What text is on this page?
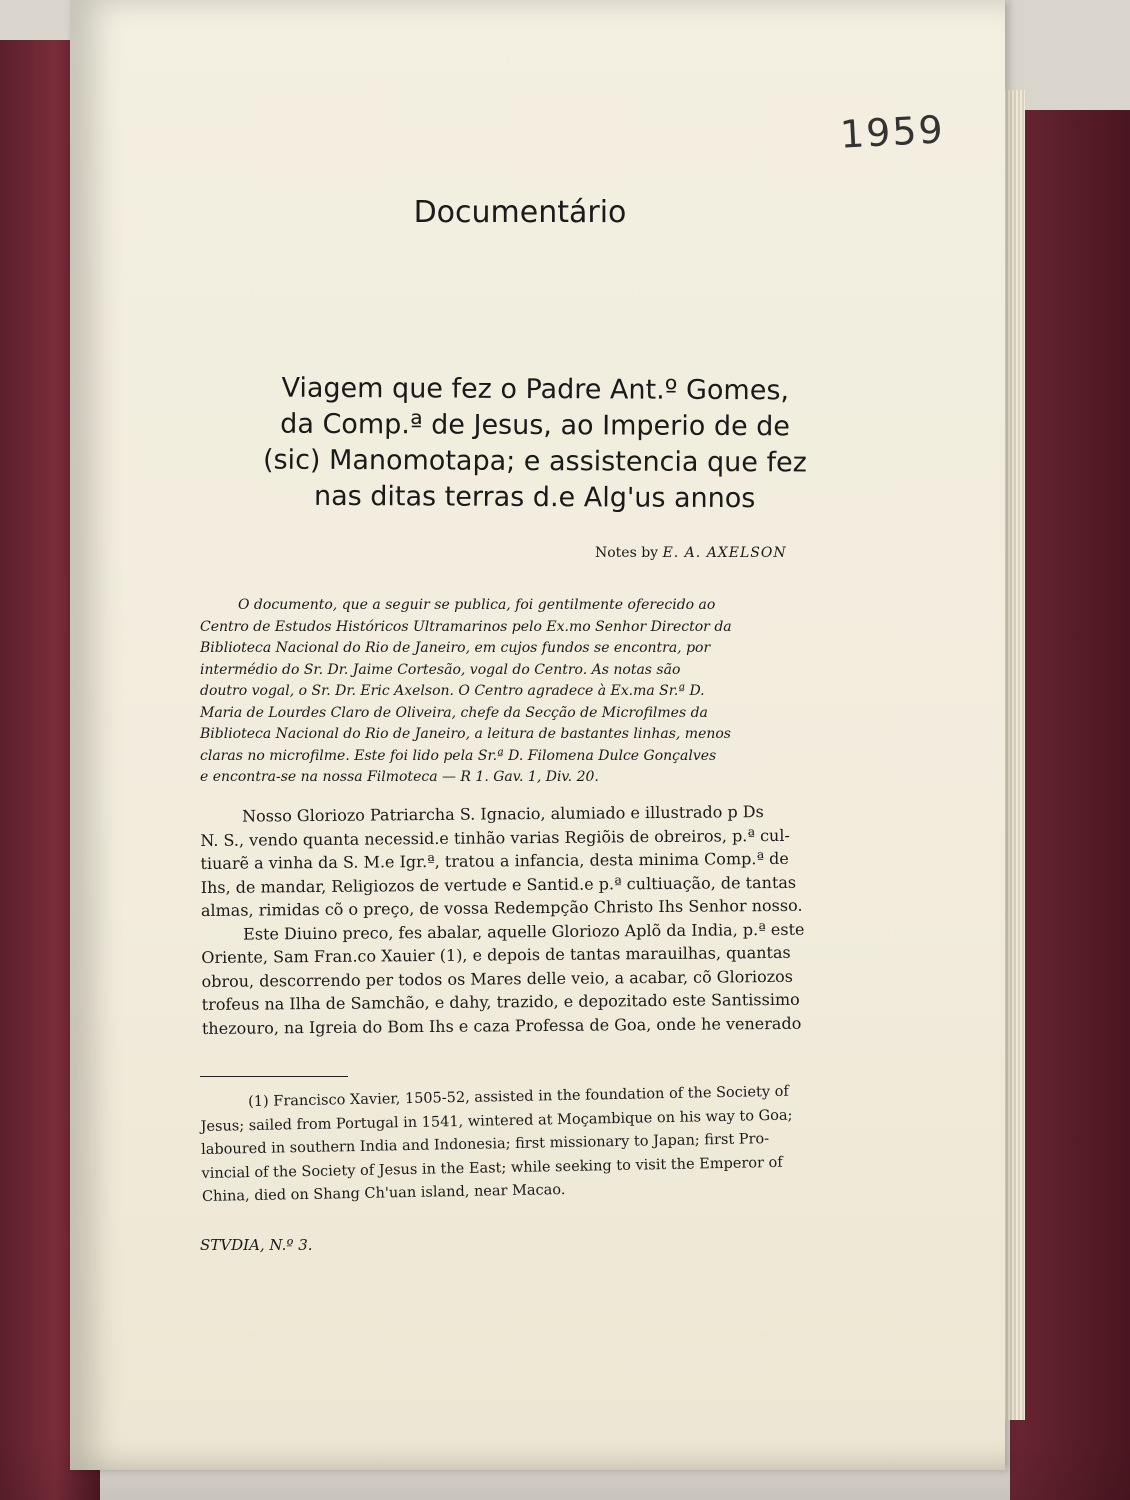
1959
Documentário
Viagem que fez o Padre Ant.º Gomes,
da Comp.ª de Jesus, ao Imperio de de
(sic) Manomotapa; e assistencia que fez
nas ditas terras d.e Alg'us annos
Notes by E. A. AXELSON
O documento, que a seguir se publica, foi gentilmente oferecido ao
Centro de Estudos Históricos Ultramarinos pelo Ex.mo Senhor Director da
Biblioteca Nacional do Rio de Janeiro, em cujos fundos se encontra, por
intermédio do Sr. Dr. Jaime Cortesão, vogal do Centro. As notas são
doutro vogal, o Sr. Dr. Eric Axelson. O Centro agradece à Ex.ma Sr.ª D.
Maria de Lourdes Claro de Oliveira, chefe da Secção de Microfilmes da
Biblioteca Nacional do Rio de Janeiro, a leitura de bastantes linhas, menos
claras no microfilme. Este foi lido pela Sr.ª D. Filomena Dulce Gonçalves
e encontra-se na nossa Filmoteca — R 1. Gav. 1, Div. 20.
Nosso Gloriozo Patriarcha S. Ignacio, alumiado e illustrado p Ds
N. S., vendo quanta necessid.e tinhão varias Regiõis de obreiros, p.ª cul-
tiuarẽ a vinha da S. M.e Igr.ª, tratou a infancia, desta minima Comp.ª de
Ihs, de mandar, Religiozos de vertude e Santid.e p.ª cultiuação, de tantas
almas, rimidas cõ o preço, de vossa Redempção Christo Ihs Senhor nosso.
Este Diuino preco, fes abalar, aquelle Gloriozo Aplõ da India, p.ª este
Oriente, Sam Fran.co Xauier (1), e depois de tantas marauilhas, quantas
obrou, descorrendo per todos os Mares delle veio, a acabar, cõ Gloriozos
trofeus na Ilha de Samchão, e dahy, trazido, e depozitado este Santissimo
thezouro, na Igreia do Bom Ihs e caza Professa de Goa, onde he venerado
(1) Francisco Xavier, 1505-52, assisted in the foundation of the Society of
Jesus; sailed from Portugal in 1541, wintered at Moçambique on his way to Goa;
laboured in southern India and Indonesia; first missionary to Japan; first Pro-
vincial of the Society of Jesus in the East; while seeking to visit the Emperor of
China, died on Shang Ch'uan island, near Macao.
STVDIA, N.º 3.
